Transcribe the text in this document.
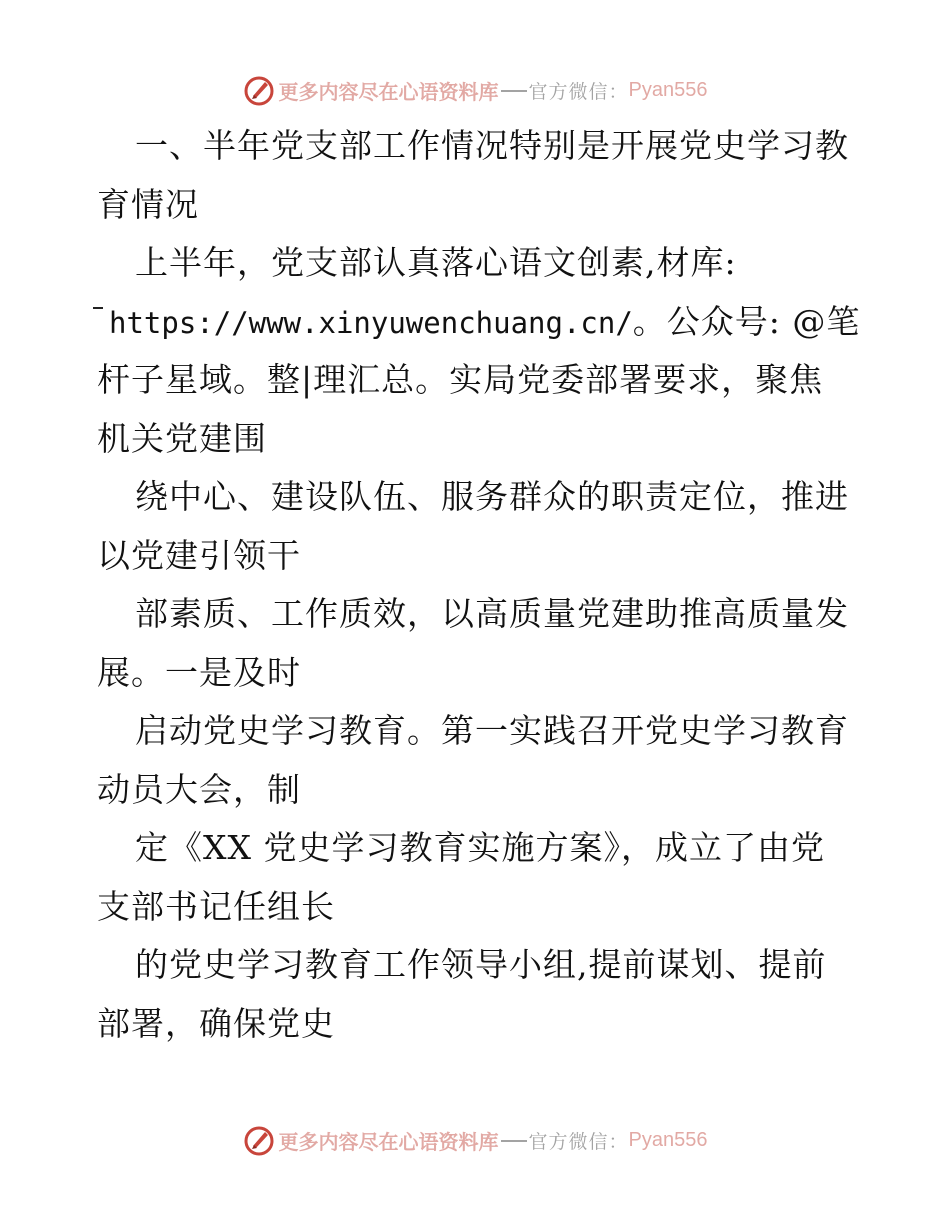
更多内容尽在心语资料库 官方微信： Pyan556
一、半年党支部工作情况特别是开展党史学习教
育情况
上半年，党支部认真落心语文创素,材库:
https://www.xinyuwenchuang.cn/。公众号: @笔
杆子星域。整|理汇总。实局党委部署要求，聚焦
机关党建围
绕中心、建设队伍、服务群众的职责定位，推进
以党建引领干
部素质、工作质效，以高质量党建助推高质量发
展。一是及时
启动党史学习教育。第一实践召开党史学习教育
动员大会，制
定《XX 党史学习教育实施方案》，成立了由党
支部书记任组长
的党史学习教育工作领导小组,提前谋划、提前
部署，确保党史
更多内容尽在心语资料库 官方微信： Pyan556
